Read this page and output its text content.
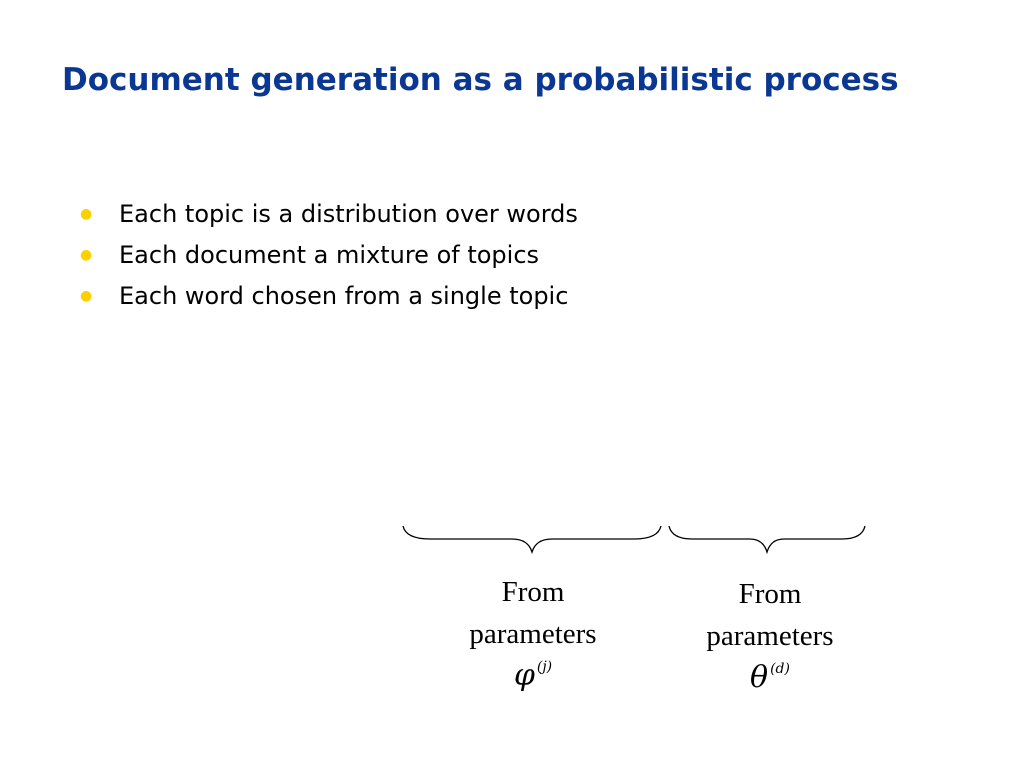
Document generation as a probabilistic process
●	Each topic is a distribution over words
●	Each document a mixture of topics
●	Each word chosen from a single topic
From
parameters
φ $^{(j)}$
From
parameters
θ $^{(d)}$
